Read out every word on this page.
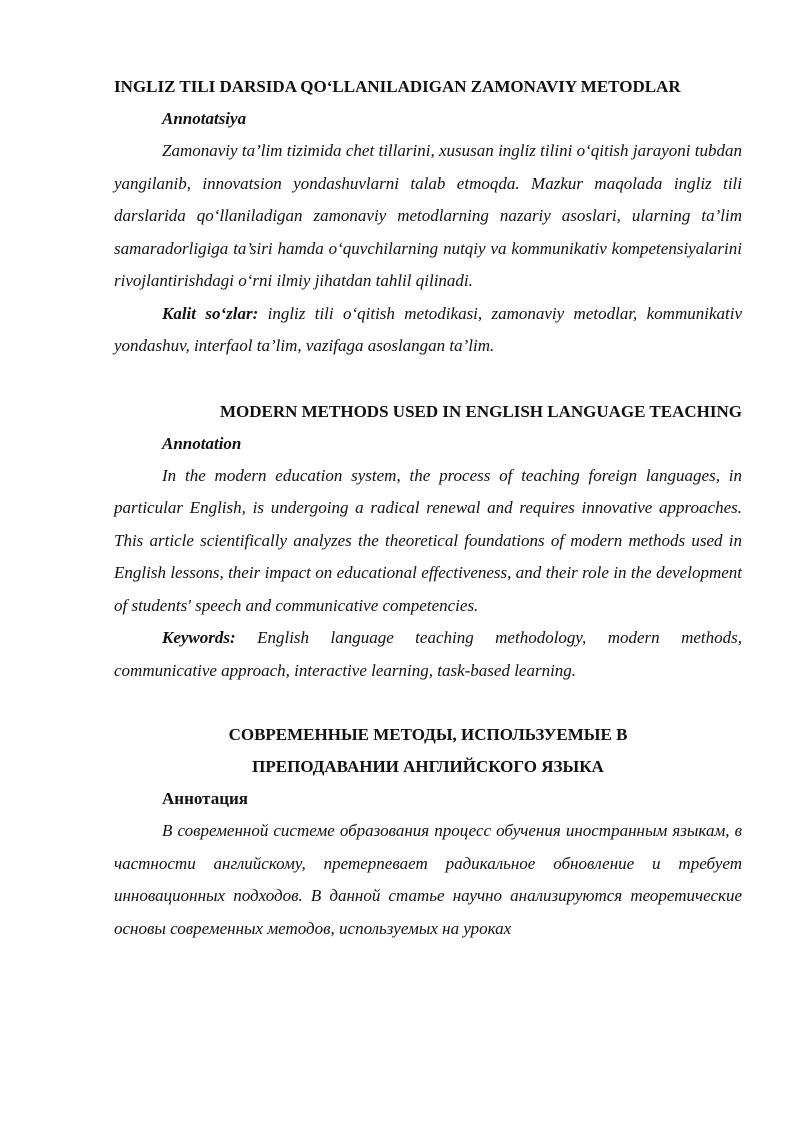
INGLIZ TILI DARSIDA QO‘LLANILADIGAN ZAMONAVIY METODLAR

Annotatsiya

Zamonaviy ta’lim tizimida chet tillarini, xususan ingliz tilini o‘qitish jarayoni tubdan yangilanib, innovatsion yondashuvlarni talab etmoqda. Mazkur maqolada ingliz tili darslarida qo‘llaniladigan zamonaviy metodlarning nazariy asoslari, ularning ta’lim samaradorligiga ta’siri hamda o‘quvchilarning nutqiy va kommunikativ kompetensiyalarini rivojlantirishdagi o‘rni ilmiy jihatdan tahlil qilinadi.

Kalit so‘zlar: ingliz tili o‘qitish metodikasi, zamonaviy metodlar, kommunikativ yondashuv, interfaol ta’lim, vazifaga asoslangan ta’lim.

MODERN METHODS USED IN ENGLISH LANGUAGE TEACHING

Annotation

In the modern education system, the process of teaching foreign languages, in particular English, is undergoing a radical renewal and requires innovative approaches. This article scientifically analyzes the theoretical foundations of modern methods used in English lessons, their impact on educational effectiveness, and their role in the development of students' speech and communicative competencies.

Keywords: English language teaching methodology, modern methods, communicative approach, interactive learning, task-based learning.

СОВРЕМЕННЫЕ МЕТОДЫ, ИСПОЛЬЗУЕМЫЕ В

ПРЕПОДАВАНИИ АНГЛИЙСКОГО ЯЗЫКА

Аннотация

В современной системе образования процесс обучения иностранным языкам, в частности английскому, претерпевает радикальное обновление и требует инновационных подходов. В данной статье научно анализируются теоретические основы современных методов, используемых на уроках
